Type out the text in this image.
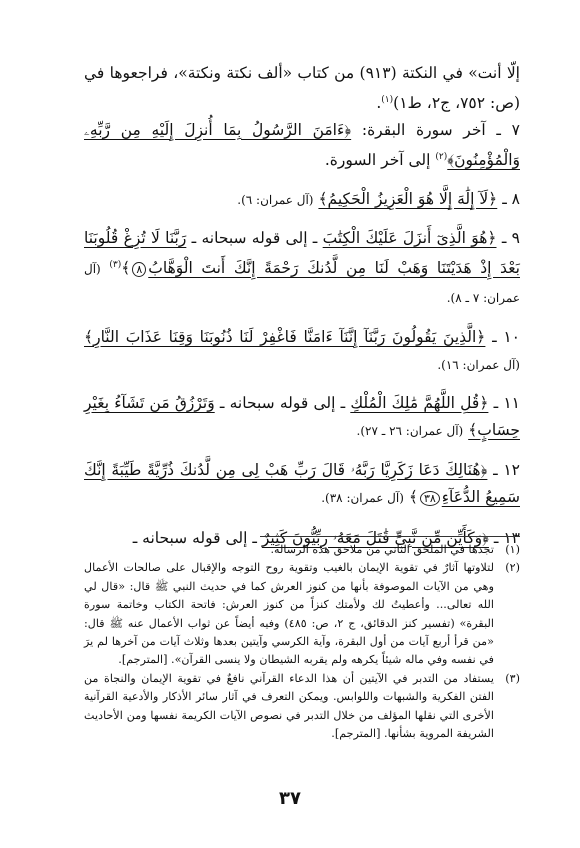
إلّا أنت» في النكتة (٩١٣) من كتاب «ألف نكتة ونكتة»، فراجعوها في (ص: ٧٥٢، ج٢، ط١)$^{(١)}$.

٧ ـ آخر سورة البقرة: ﴿ءَامَنَ الرَّسُولُ بِمَا أُنزِلَ إِلَيْهِ مِن رَّبِّهِۦ وَالْمُؤْمِنُونَ﴾$^{(٢)}$ إلى آخر السورة.

٨ ـ ﴿لَآ إِلَٰهَ إِلَّا هُوَ الْعَزِيزُ الْحَكِيمُ﴾ (آل عمران: ٦).

٩ ـ ﴿هُوَ الَّذِىٓ أَنزَلَ عَلَيْكَ الْكِتَٰبَ ـ إلى قوله سبحانه ـ رَبَّنَا لَا تُزِغْ قُلُوبَنَا بَعْدَ إِذْ هَدَيْتَنَا وَهَبْ لَنَا مِن لَّدُنكَ رَحْمَةً إِنَّكَ أَنتَ الْوَهَّابُ٨﴾$^{(٣)}$ (آل عمران: ٧ ـ ٨).

١٠ ـ ﴿الَّذِينَ يَقُولُونَ رَبَّنَآ إِنَّنَآ ءَامَنَّا فَاغْفِرْ لَنَا ذُنُوبَنَا وَقِنَا عَذَابَ النَّارِ﴾ (آل عمران: ١٦).

١١ ـ ﴿قُلِ اللَّهُمَّ مَٰلِكَ الْمُلْكِ ـ إلى قوله سبحانه ـ وَتَرْزُقُ مَن تَشَآءُ بِغَيْرِ حِسَابٍ﴾ (آل عمران: ٢٦ ـ ٢٧).

١٢ ـ ﴿هُنَالِكَ دَعَا زَكَرِيَّا رَبَّهُۥ قَالَ رَبِّ هَبْ لِى مِن لَّدُنكَ ذُرِّيَّةً طَيِّبَةً إِنَّكَ سَمِيعُ الدُّعَآءِ٣٨﴾ (آل عمران: ٣٨).

١٣ ـ ﴿وَكَأَيِّن مِّن نَّبِىٍّ قَٰتَلَ مَعَهُۥ رِبِّيُّونَ كَثِيرٌ ـ إلى قوله سبحانه ـ

(١)
تجدها في الملحق الثاني من ملاحق هذه الرسالة.
(٢)
لتلاوتها آثارٌ في تقوية الإيمان بالغيب وتقوية روح التوجه والإقبال على صالحات الأعمال وهي من الآيات الموصوفة بأنها من كنوز العرش كما في حديث النبي ﷺ قال: «قال لي الله تعالى... وأعطيتُ لك ولأمتك كنزاً من كنوز العرش: فاتحة الكتاب وخاتمة سورة البقرة» (تفسير كنز الدقائق، ج ٢، ص: ٤٨٥) وفيه أيضاً عن ثواب الأعمال عنه ﷺ قال: «من قرأ أربع آيات من أول البقرة، وآية الكرسي وآيتين بعدها وثلاث آيات من آخرها لم يرَ في نفسه وفي ماله شيئاً يكرهه ولم يقربه الشيطان ولا ينسى القرآن». [المترجم].
(٣)
يستفاد من التدبر في الآيتين أن هذا الدعاء القرآني نافعٌ في تقوية الإيمان والنجاة من الفتن الفكرية والشبهات واللوابس. ويمكن التعرف في آثار سائر الأذكار والأدعية القرآنية الأخرى التي نقلها المؤلف من خلال التدبر في نصوص الآيات الكريمة نفسها ومن الأحاديث الشريفة المروية بشأنها. [المترجم].
٣٧
